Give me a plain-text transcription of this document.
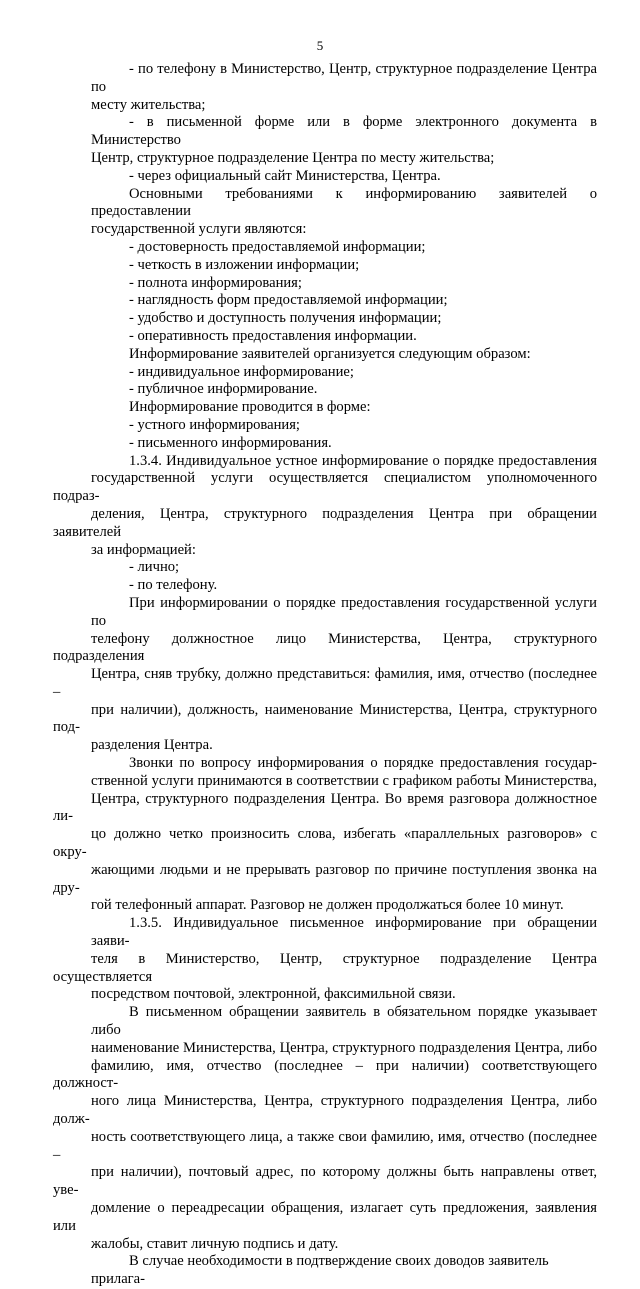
5
- по телефону в Министерство, Центр, структурное подразделение Центра по
месту жительства;
- в письменной форме или в форме электронного документа в Министерство
Центр, структурное подразделение Центра по месту жительства;
- через официальный сайт Министерства, Центра.
Основными требованиями к информированию заявителей о предоставлении
государственной услуги являются:
- достоверность предоставляемой информации;
- четкость в изложении информации;
- полнота информирования;
- наглядность форм предоставляемой информации;
- удобство и доступность получения информации;
- оперативность предоставления информации.
Информирование заявителей организуется следующим образом:
- индивидуальное информирование;
- публичное информирование.
Информирование проводится в форме:
- устного информирования;
- письменного информирования.
1.3.4. Индивидуальное устное информирование о порядке предоставления
государственной услуги осуществляется специалистом уполномоченного подраз-
деления, Центра, структурного подразделения Центра при обращении заявителей
за информацией:
- лично;
- по телефону.
При информировании о порядке предоставления государственной услуги по
телефону должностное лицо Министерства, Центра, структурного подразделения
Центра, сняв трубку, должно представиться: фамилия, имя, отчество (последнее –
при наличии), должность, наименование Министерства, Центра, структурного под-
разделения Центра.
Звонки по вопросу информирования о порядке предоставления государ-
ственной услуги принимаются в соответствии с графиком работы Министерства,
Центра, структурного подразделения Центра. Во время разговора должностное ли-
цо должно четко произносить слова, избегать «параллельных разговоров» с окру-
жающими людьми и не прерывать разговор по причине поступления звонка на дру-
гой телефонный аппарат. Разговор не должен продолжаться более 10 минут.
1.3.5. Индивидуальное письменное информирование при обращении заяви-
теля в Министерство, Центр, структурное подразделение Центра осуществляется
посредством почтовой, электронной, факсимильной связи.
В письменном обращении заявитель в обязательном порядке указывает либо
наименование Министерства, Центра, структурного подразделения Центра, либо
фамилию, имя, отчество (последнее – при наличии) соответствующего должност-
ного лица Министерства, Центра, структурного подразделения Центра, либо долж-
ность соответствующего лица, а также свои фамилию, имя, отчество (последнее –
при наличии), почтовый адрес, по которому должны быть направлены ответ, уве-
домление о переадресации обращения, излагает суть предложения, заявления или
жалобы, ставит личную подпись и дату.
В случае необходимости в подтверждение своих доводов заявитель прилага-
